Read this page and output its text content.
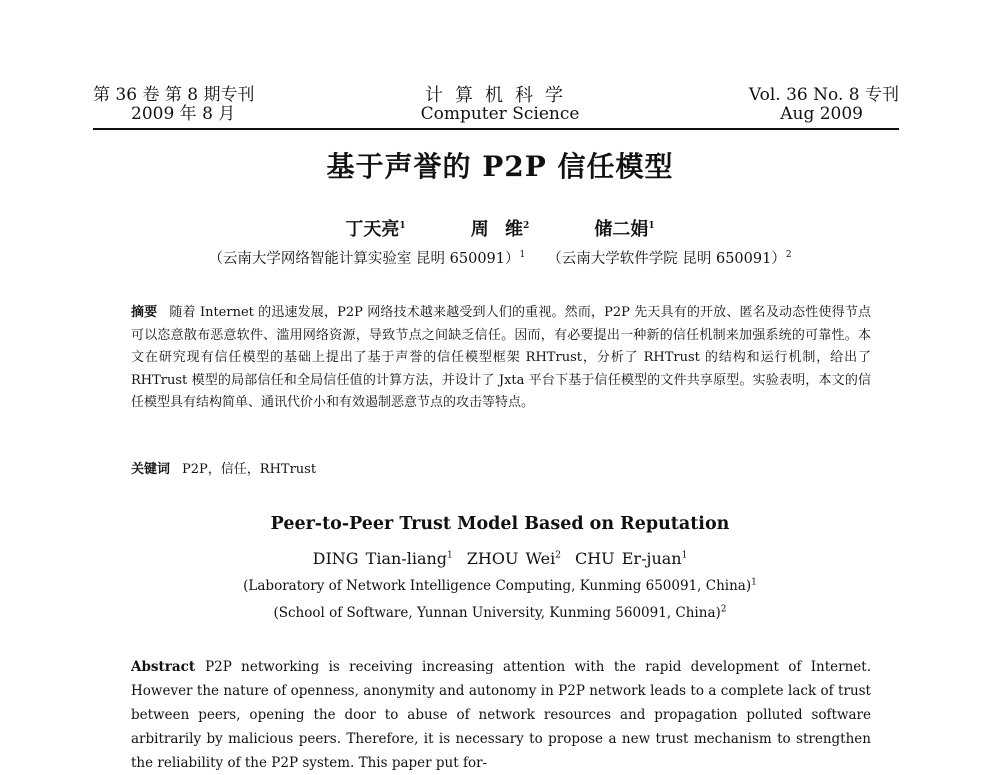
第 36 卷 第 8 期专刊
2009 年 8 月
计算机科学
Computer Science
Vol. 36 No. 8 专刊
Aug 2009
基于声誉的 P2P 信任模型
丁天亮$^1$	周 维$^2$	储二娟$^1$
（云南大学网络智能计算实验室 昆明 650091）$^1$ （云南大学软件学院 昆明 650091）$^2$
摘要 随着 Internet 的迅速发展，P2P 网络技术越来越受到人们的重视。然而，P2P 先天具有的开放、匿名及动态性使得节点可以恣意散布恶意软件、滥用网络资源，导致节点之间缺乏信任。因而，有必要提出一种新的信任机制来加强系统的可靠性。本文在研究现有信任模型的基础上提出了基于声誉的信任模型框架 RHTrust，分析了 RHTrust 的结构和运行机制，给出了 RHTrust 模型的局部信任和全局信任值的计算方法，并设计了 Jxta 平台下基于信任模型的文件共享原型。实验表明，本文的信任模型具有结构简单、通讯代价小和有效遏制恶意节点的攻击等特点。
关键词 P2P，信任，RHTrust
Peer-to-Peer Trust Model Based on Reputation
DING Tian-liang$^1$ ZHOU Wei$^2$ CHU Er-juan$^1$
(Laboratory of Network Intelligence Computing, Kunming 650091, China)$^1$
(School of Software, Yunnan University, Kunming 560091, China)$^2$
Abstract P2P networking is receiving increasing attention with the rapid development of Internet. However the nature of openness, anonymity and autonomy in P2P network leads to a complete lack of trust between peers, opening the door to abuse of network resources and propagation polluted software arbitrarily by malicious peers. Therefore, it is necessary to propose a new trust mechanism to strengthen the reliability of the P2P system. This paper put for-
